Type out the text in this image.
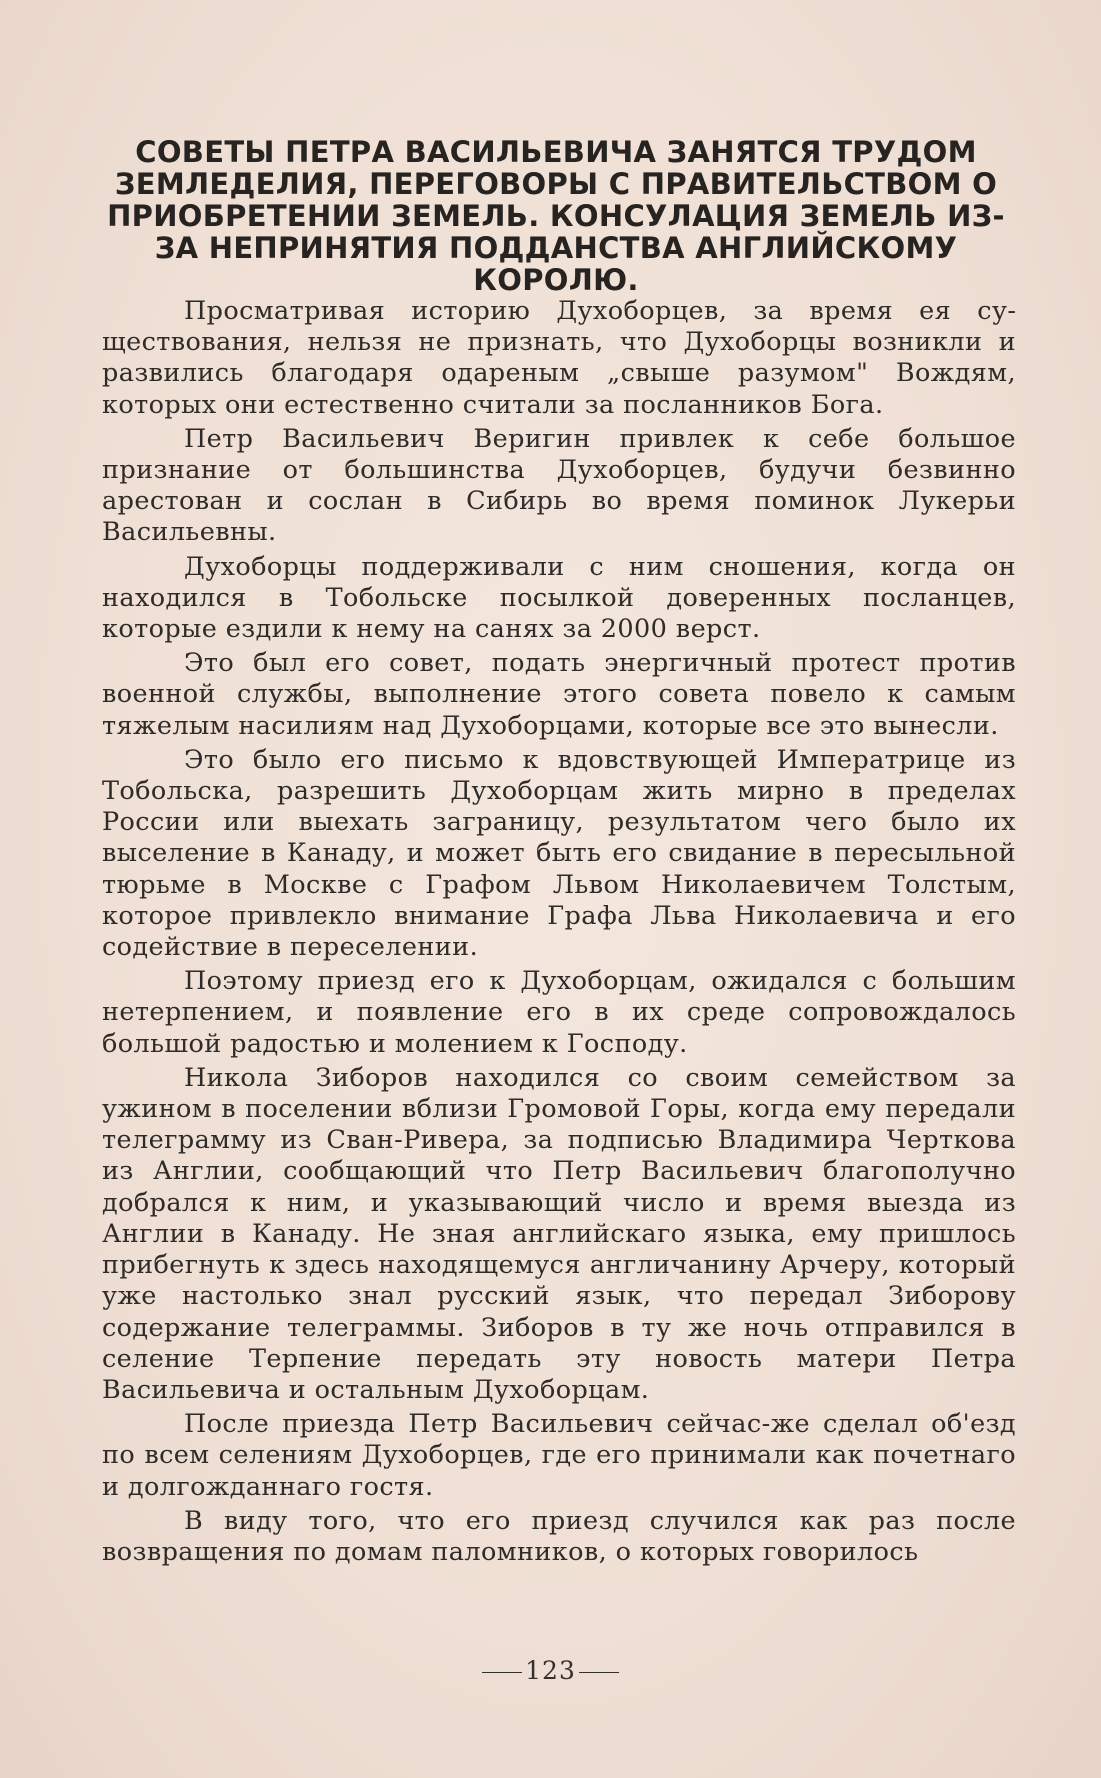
СОВЕТЫ ПЕТРА ВАСИЛЬЕВИЧА ЗАНЯТСЯ ТРУДОМ ЗЕМЛЕДЕЛИЯ, ПЕРЕГОВОРЫ С ПРАВИТЕЛЬСТВОМ О ПРИОБРЕТЕНИИ ЗЕМЕЛЬ. КОНСУЛАЦИЯ ЗЕМЕЛЬ ИЗ-ЗА НЕПРИНЯТИЯ ПОДДАНСТВА АНГЛИЙСКОМУ КОРОЛЮ.

Просматривая историю Духоборцев, за время ея существования, нельзя не признать, что Духоборцы возникли и развились благодаря одареным „свыше разумом" Вождям, которых они естественно считали за посланников Бога.

Петр Васильевич Веригин привлек к себе большое признание от большинства Духоборцев, будучи безвинно арестован и сослан в Сибирь во время поминок Лукерьи Васильевны.

Духоборцы поддерживали с ним сношения, когда он находился в Тобольске посылкой доверенных посланцев, которые ездили к нему на санях за 2000 верст.

Это был его совет, подать энергичный протест против военной службы, выполнение этого совета повело к самым тяжелым насилиям над Духоборцами, которые все это вынесли.

Это было его письмо к вдовствующей Императрице из Тобольска, разрешить Духоборцам жить мирно в пределах России или выехать заграницу, результатом чего было их выселение в Канаду, и может быть его свидание в пересыльной тюрьме в Москве с Графом Львом Николаевичем Толстым, которое привлекло внимание Графа Льва Николаевича и его содействие в переселении.

Поэтому приезд его к Духоборцам, ожидался с большим нетерпением, и появление его в их среде сопровождалось большой радостью и молением к Господу.

Никола Зиборов находился со своим семейством за ужином в поселении вблизи Громовой Горы, когда ему передали телеграмму из Сван-Ривера, за подписью Владимира Черткова из Англии, сообщающий что Петр Васильевич благополучно добрался к ним, и указывающий число и время выезда из Англии в Канаду. Не зная английскаго языка, ему пришлось прибегнуть к здесь находящемуся англичанину Арчеру, который уже настолько знал русский язык, что передал Зиборову содержание телеграммы. Зиборов в ту же ночь отправился в селение Терпение передать эту новость матери Петра Васильевича и остальным Духоборцам.

После приезда Петр Васильевич сейчас-же сделал об'езд по всем селениям Духоборцев, где его принимали как почетнаго и долгожданнаго гостя.

В виду того, что его приезд случился как раз после возвращения по домам паломников, о которых говорилось

123
